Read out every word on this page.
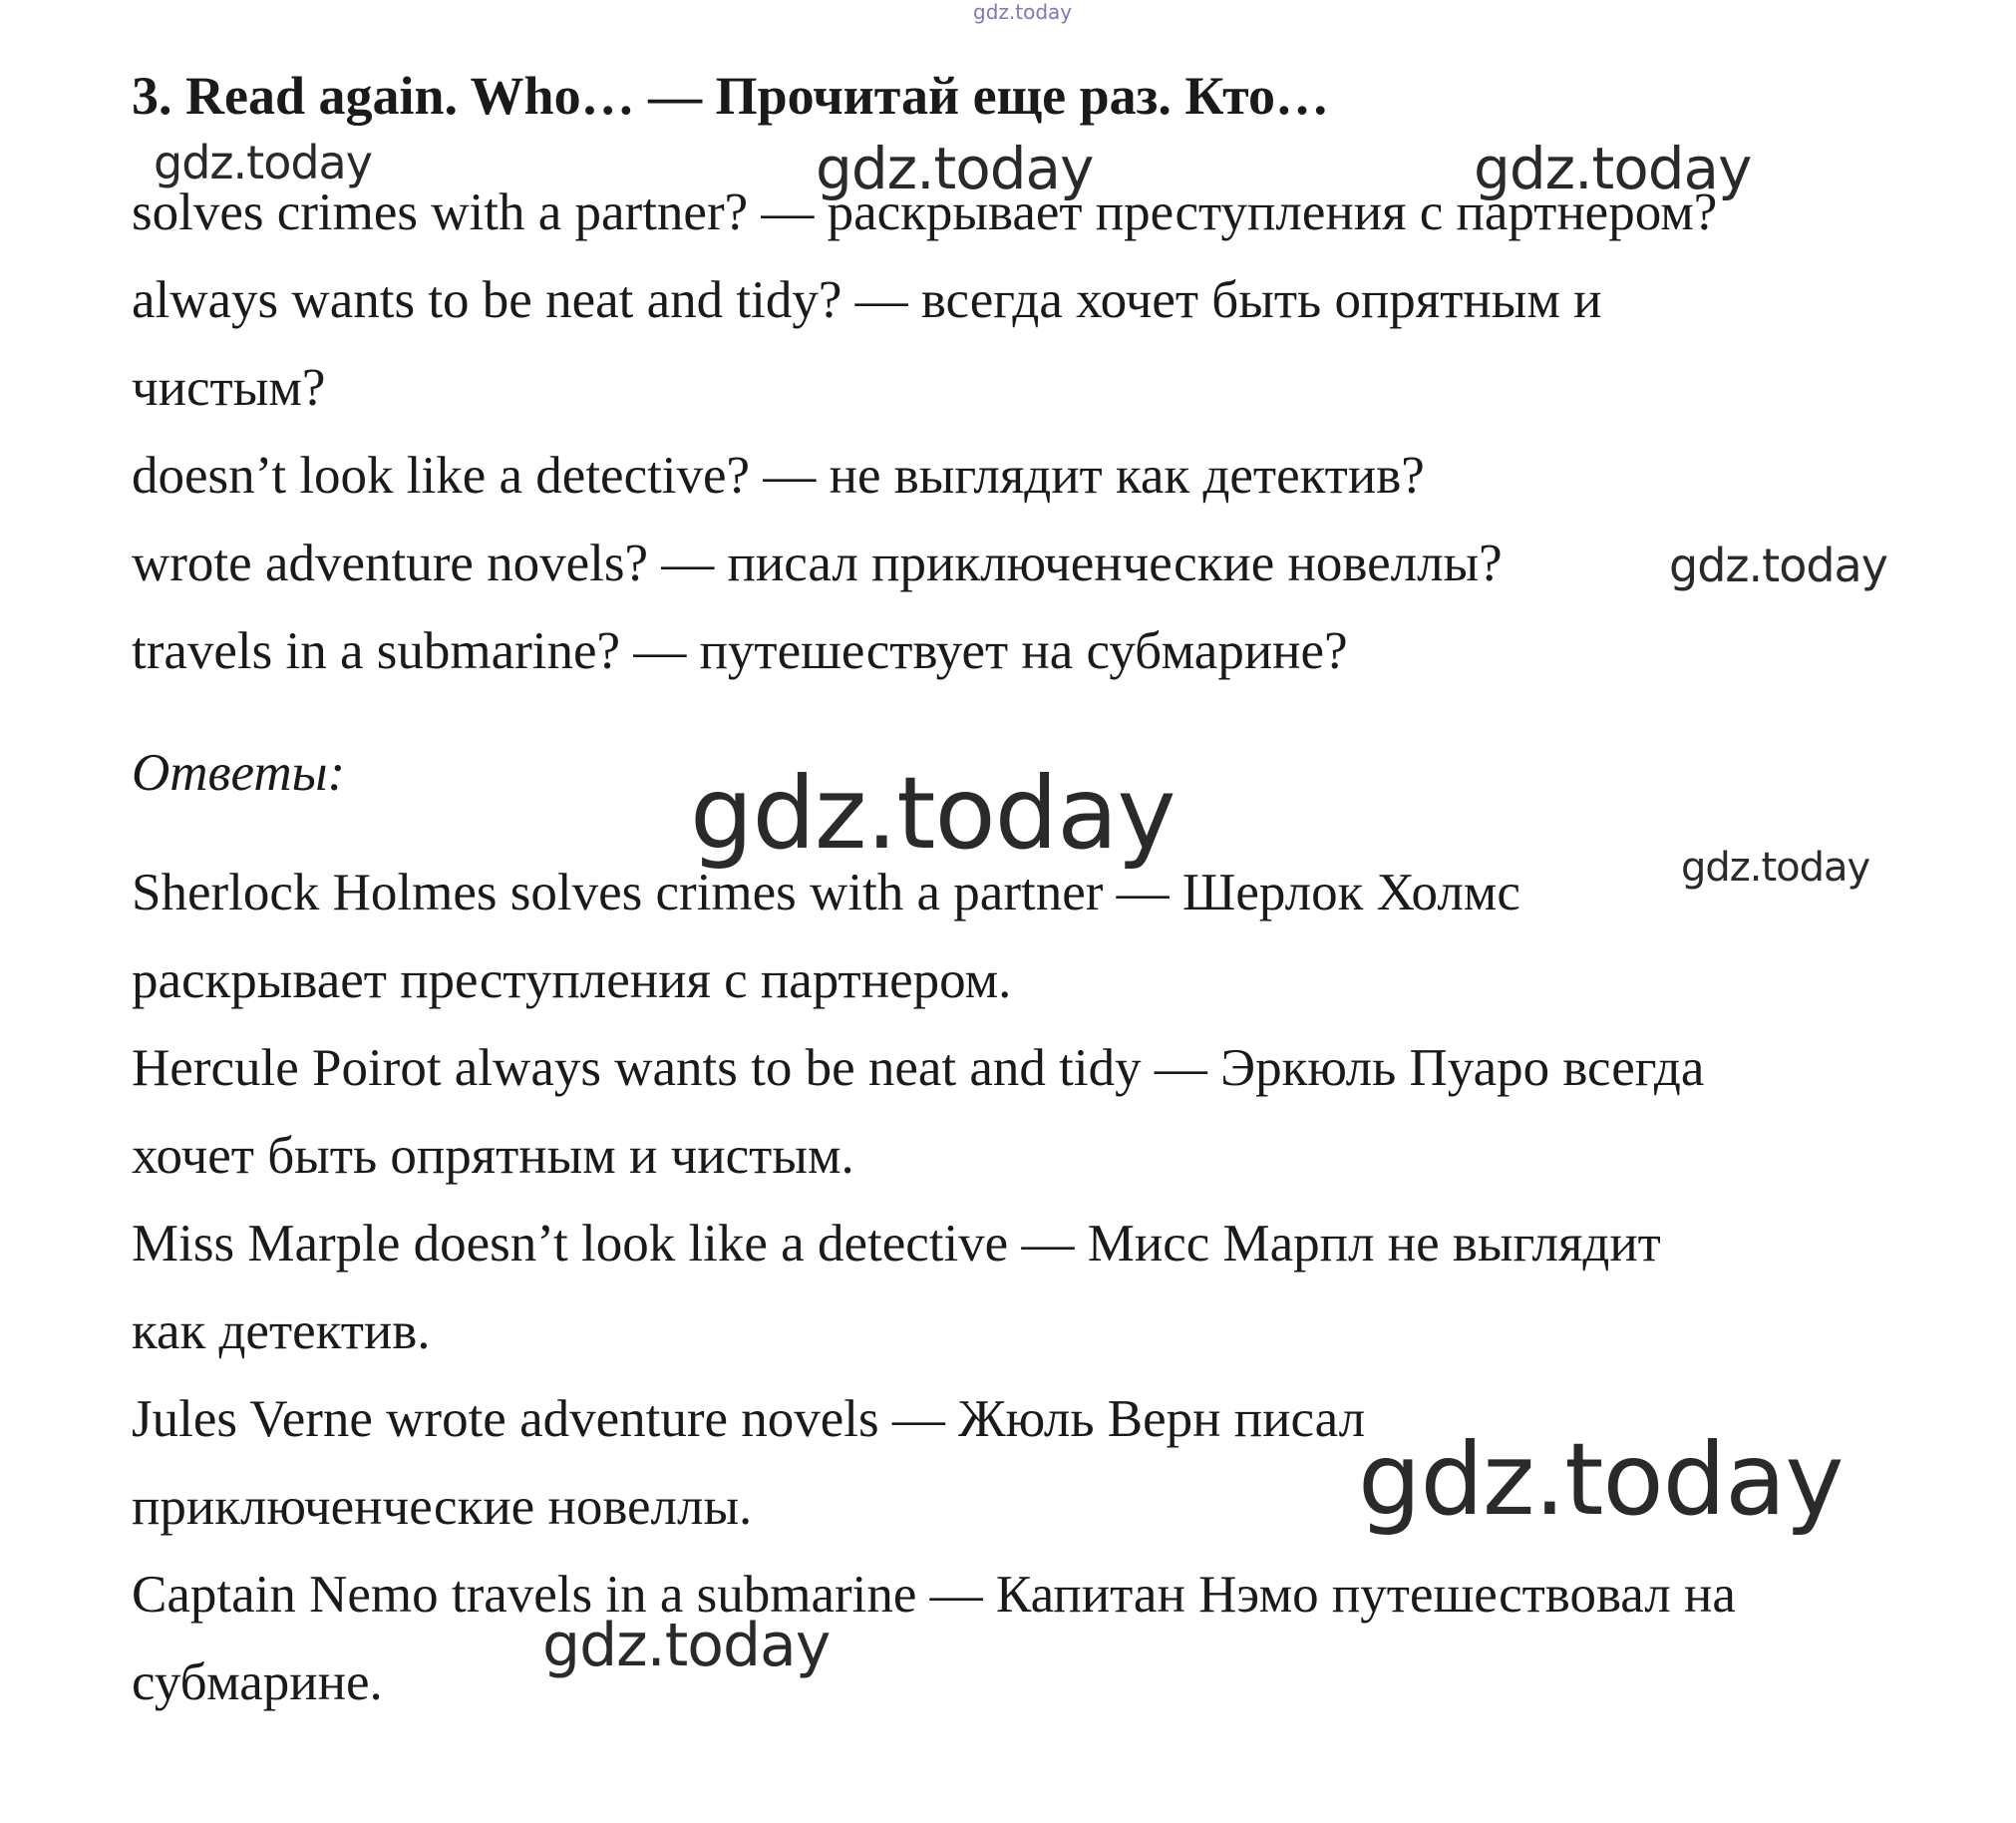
gdz.today
3. Read again. Who… — Прочитай еще раз. Кто…
gdz.today	gdz.today	gdz.today
solves crimes with a partner? — раскрывает преступления с партнером?
always wants to be neat and tidy? — всегда хочет быть опрятным и
чистым?
doesn’t look like a detective? — не выглядит как детектив?
wrote adventure novels? — писал приключенческие новеллы?	gdz.today
travels in a submarine? — путешествует на субмарине?
Ответы:	gdz.today
Sherlock Holmes solves crimes with a partner — Шерлок Холмс	gdz.today
раскрывает преступления с партнером.
Hercule Poirot always wants to be neat and tidy — Эркюль Пуаро всегда
хочет быть опрятным и чистым.
Miss Marple doesn’t look like a detective — Мисс Марпл не выглядит
как детектив.
Jules Verne wrote adventure novels — Жюль Верн писал
gdz.today
приключенческие новеллы.
Captain Nemo travels in a submarine — Капитан Нэмо путешествовал на
gdz.today
субмарине.
